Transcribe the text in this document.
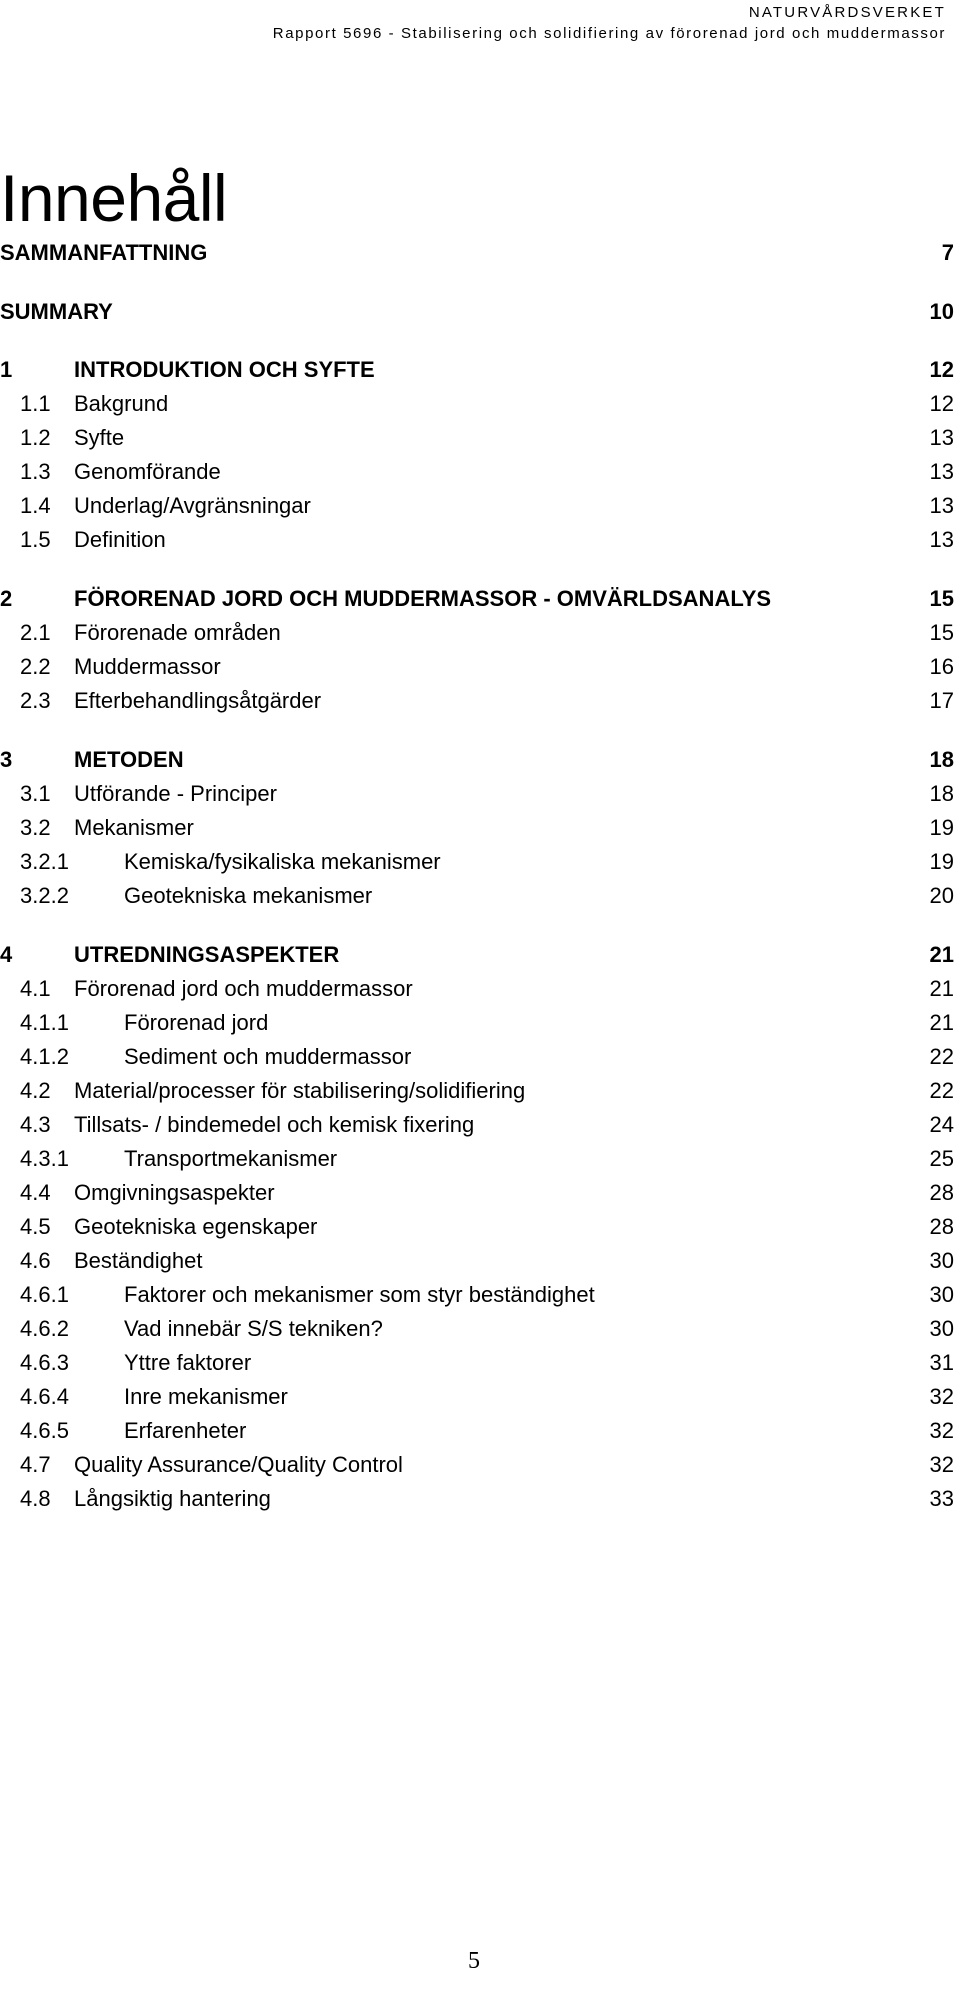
NATURVÅRDSVERKET
Rapport 5696 - Stabilisering och solidifiering av förorenad jord och muddermassor
Innehåll
SAMMANFATTNING	7
SUMMARY	10
1	INTRODUKTION OCH SYFTE	12
1.1 Bakgrund	12
1.2 Syfte	13
1.3 Genomförande	13
1.4 Underlag/Avgränsningar	13
1.5 Definition	13
2	FÖRORENAD JORD OCH MUDDERMASSOR - OMVÄRLDSANALYS	15
2.1 Förorenade områden	15
2.2 Muddermassor	16
2.3 Efterbehandlingsåtgärder	17
3	METODEN	18
3.1 Utförande - Principer	18
3.2 Mekanismer	19
3.2.1	Kemiska/fysikaliska mekanismer	19
3.2.2	Geotekniska mekanismer	20
4	UTREDNINGSASPEKTER	21
4.1 Förorenad jord och muddermassor	21
4.1.1	Förorenad jord	21
4.1.2	Sediment och muddermassor	22
4.2 Material/processer för stabilisering/solidifiering	22
4.3 Tillsats- / bindemedel och kemisk fixering	24
4.3.1	Transportmekanismer	25
4.4 Omgivningsaspekter	28
4.5 Geotekniska egenskaper	28
4.6 Beständighet	30
4.6.1	Faktorer och mekanismer som styr beständighet	30
4.6.2	Vad innebär S/S tekniken?	30
4.6.3	Yttre faktorer	31
4.6.4	Inre mekanismer	32
4.6.5	Erfarenheter	32
4.7 Quality Assurance/Quality Control	32
4.8 Långsiktig hantering	33
5
